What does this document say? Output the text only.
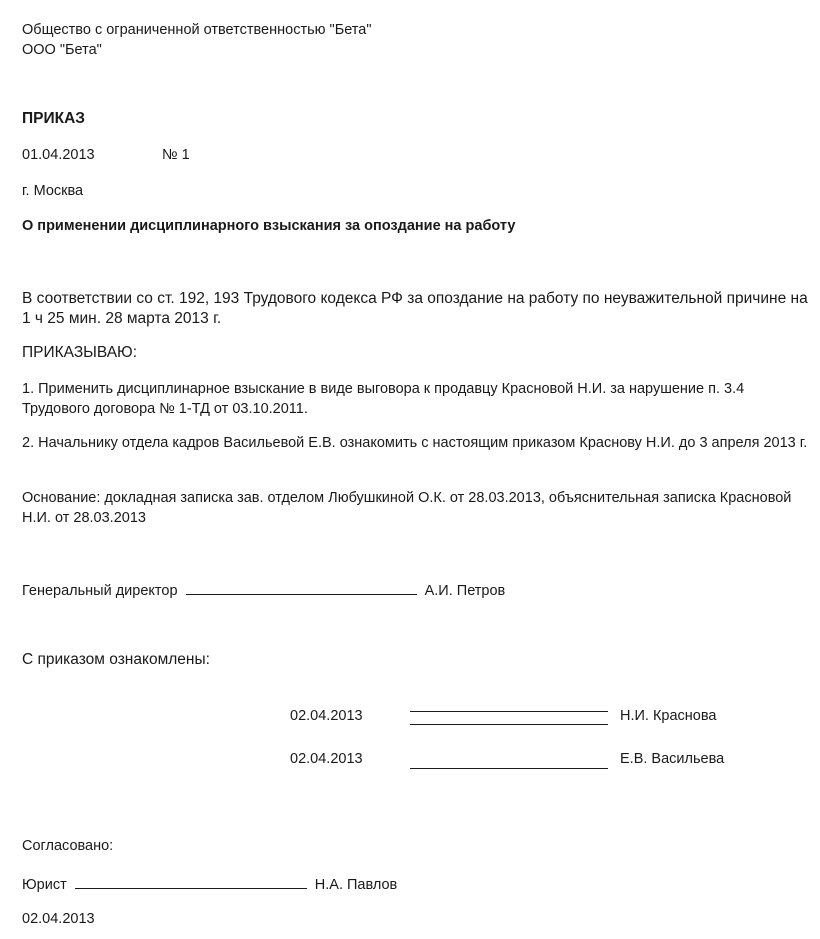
Общество с ограниченной ответственностью "Бета"
ООО "Бета"
ПРИКАЗ
01.04.2013	№ 1
г. Москва
О применении дисциплинарного взыскания за опоздание на работу
В соответствии со ст. 192, 193 Трудового кодекса РФ за опоздание на работу по неуважительной причине на 1 ч 25 мин. 28 марта 2013 г.
ПРИКАЗЫВАЮ:
1. Применить дисциплинарное взыскание в виде выговора к продавцу Красновой Н.И. за нарушение п. 3.4 Трудового договора № 1-ТД от 03.10.2011.
2. Начальнику отдела кадров Васильевой Е.В. ознакомить с настоящим приказом Краснову Н.И. до 3 апреля 2013 г.
Основание: докладная записка зав. отделом Любушкиной О.К. от 28.03.2013, объяснительная записка Красновой Н.И. от 28.03.2013
Генеральный директор	А.И. Петров
С приказом ознакомлены:
02.04.2013	Н.И. Краснова
02.04.2013	Е.В. Васильева
Согласовано:
Юрист	Н.А. Павлов
02.04.2013
